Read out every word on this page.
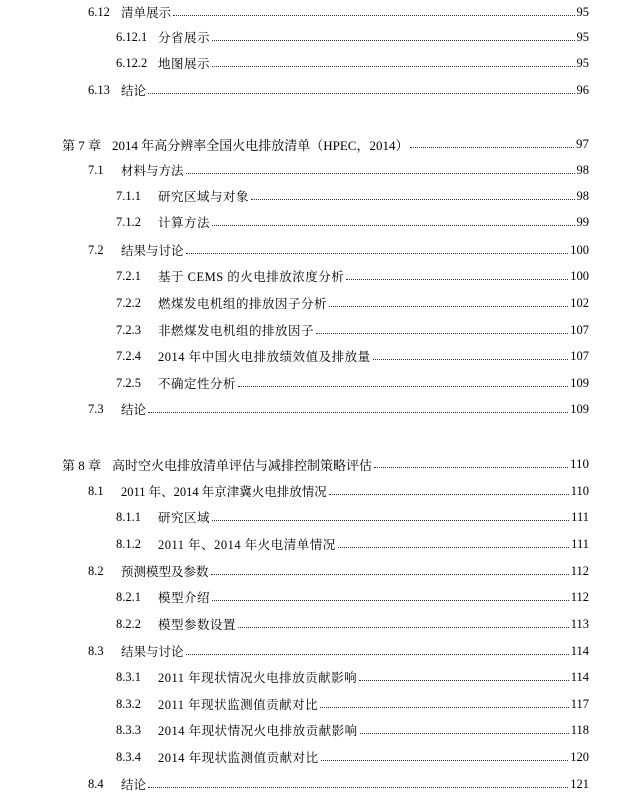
6.12 清单展示	95
6.12.1 分省展示	95
6.12.2 地图展示	95
6.13 结论	96
第 7 章 2014 年高分辨率全国火电排放清单（HPEC，2014）	97
7.1	材料与方法	98
7.1.1	研究区域与对象	98
7.1.2	计算方法	99
7.2	结果与讨论	100
7.2.1	基于 CEMS 的火电排放浓度分析	100
7.2.2	燃煤发电机组的排放因子分析	102
7.2.3	非燃煤发电机组的排放因子	107
7.2.4	2014 年中国火电排放绩效值及排放量	107
7.2.5	不确定性分析	109
7.3	结论	109
第 8 章 高时空火电排放清单评估与减排控制策略评估	110
8.1	2011 年、2014 年京津冀火电排放情况	110
8.1.1	研究区域	111
8.1.2	2011 年、2014 年火电清单情况	111
8.2	预测模型及参数	112
8.2.1	模型介绍	112
8.2.2	模型参数设置	113
8.3	结果与讨论	114
8.3.1	2011 年现状情况火电排放贡献影响	114
8.3.2	2011 年现状监测值贡献对比	117
8.3.3	2014 年现状情况火电排放贡献影响	118
8.3.4	2014 年现状监测值贡献对比	120
8.4	结论	121
